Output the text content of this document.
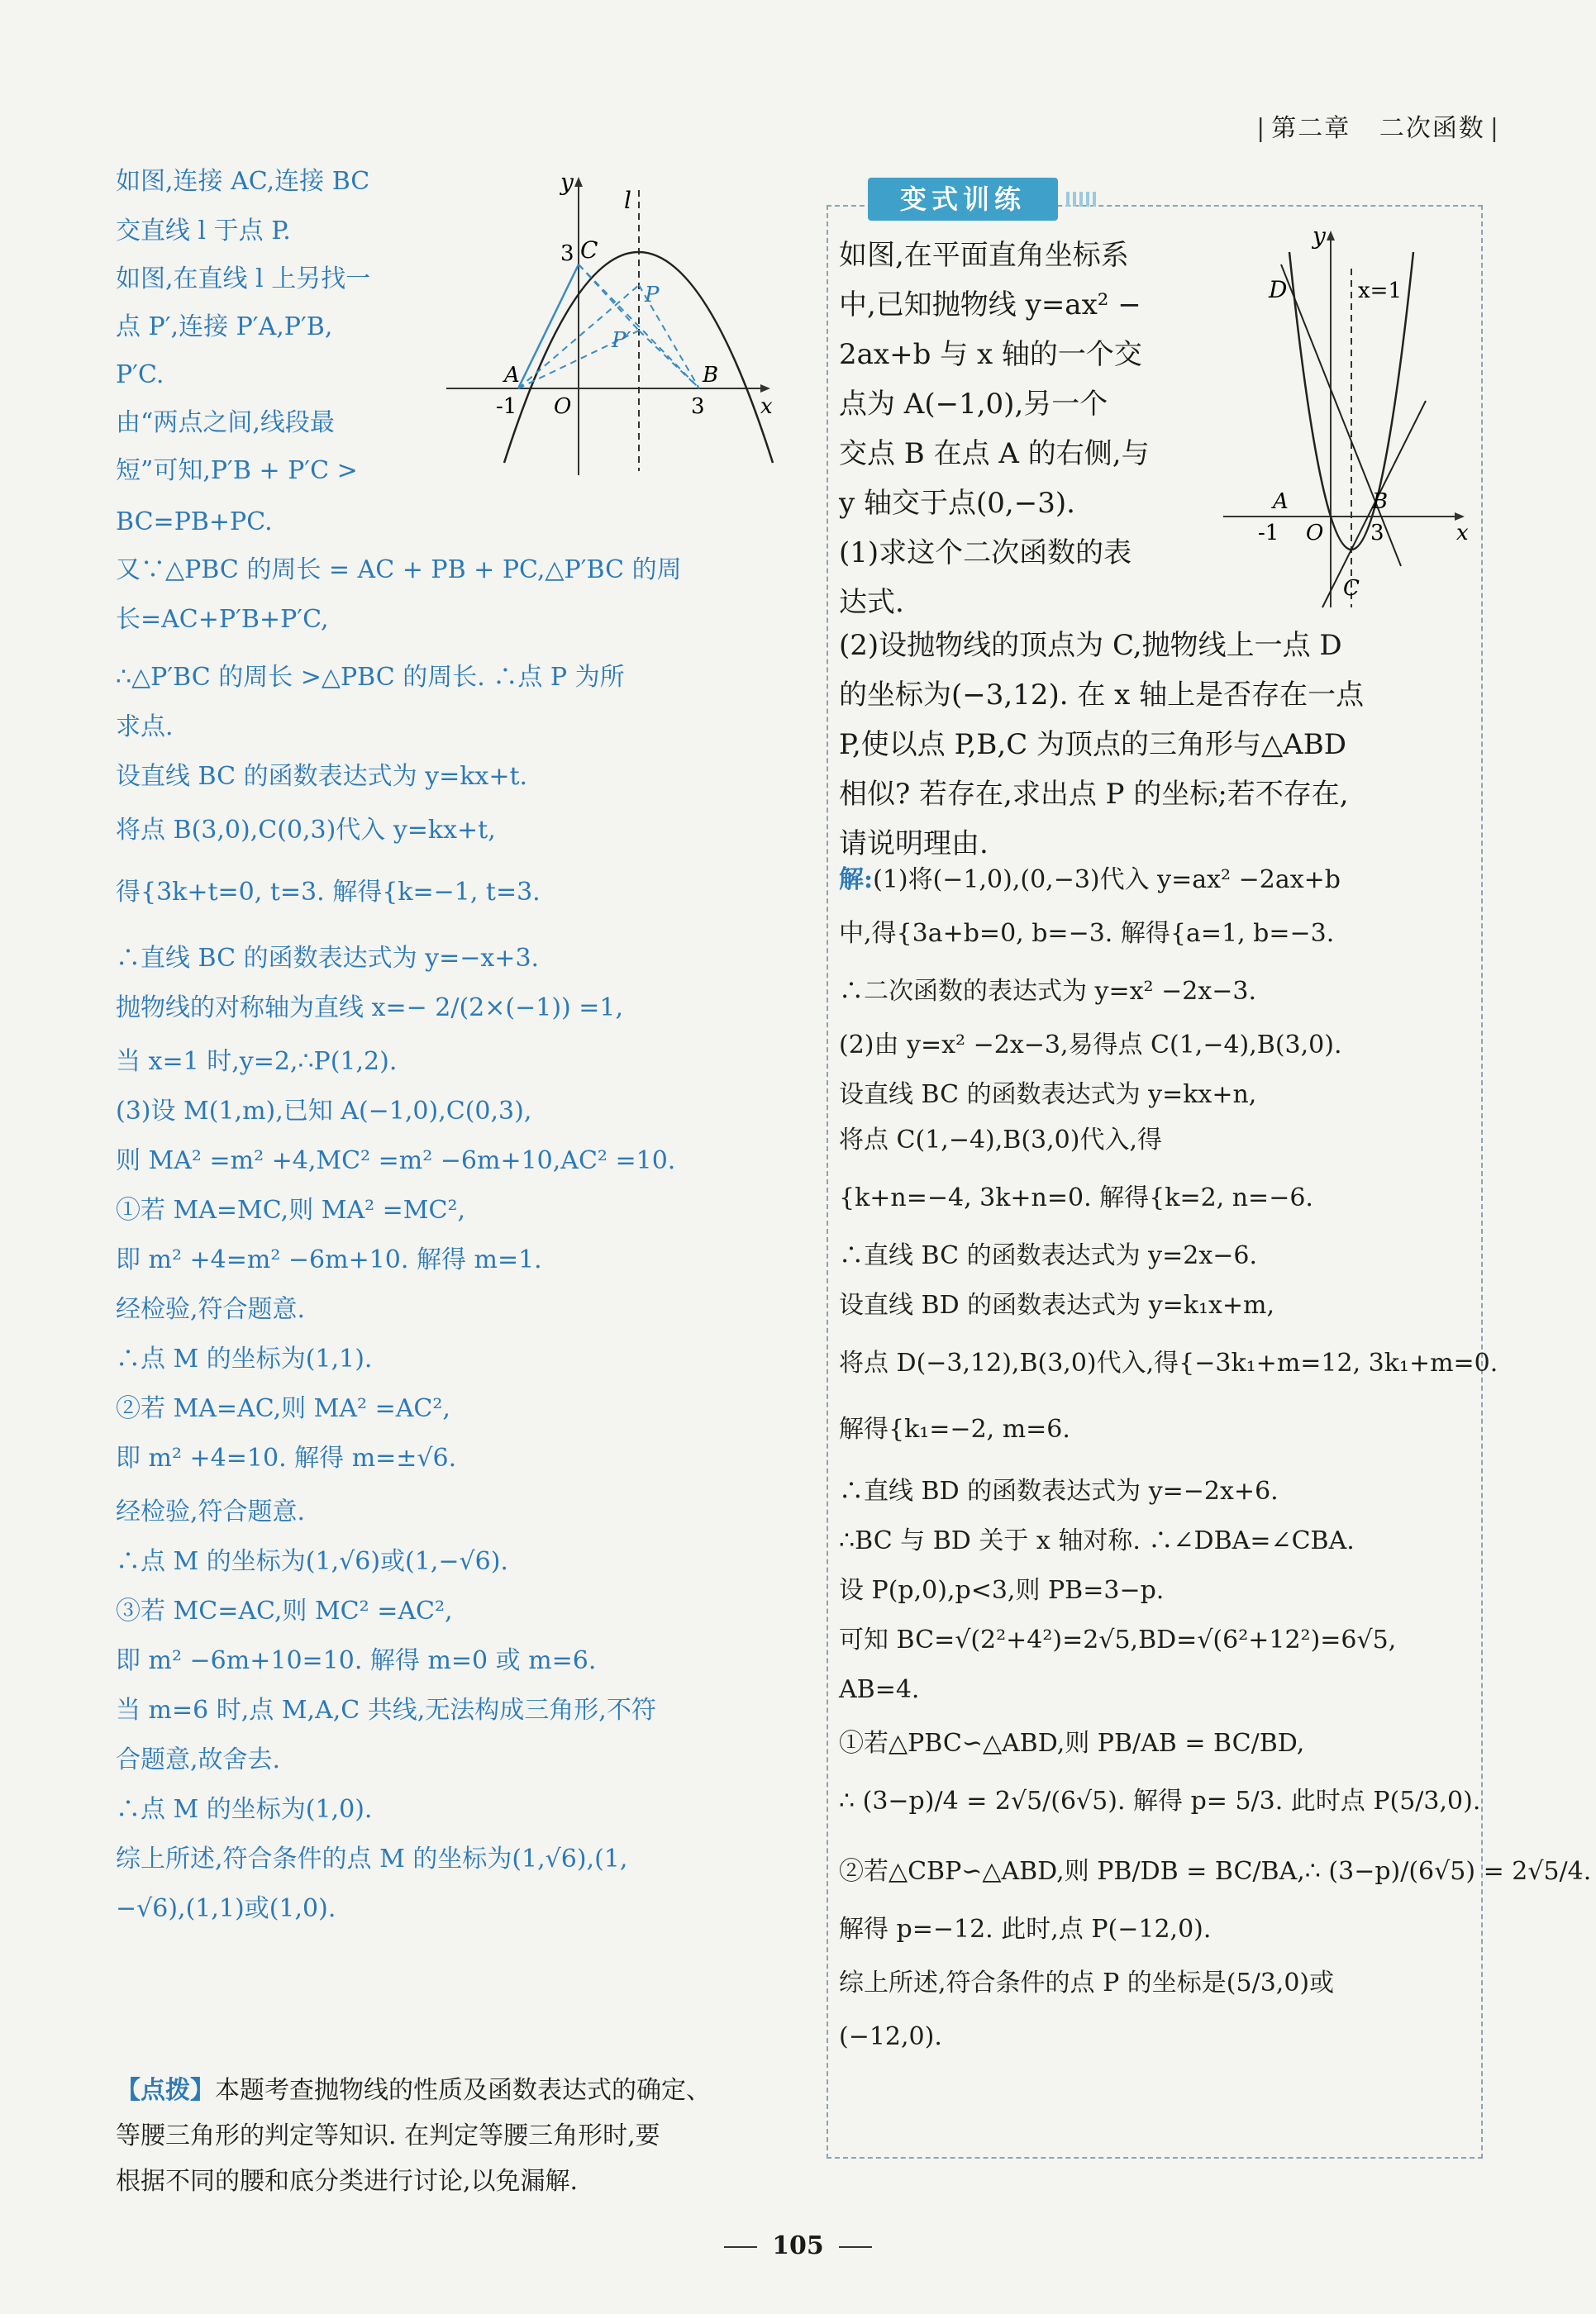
| 第二章 二次函数 |
y
x
l
3 C
P
P′
A
O
B
-1	3
如图,连接 AC,连接 BC
交直线 l 于点 P.
如图,在直线 l 上另找一
点 P′,连接 P′A,P′B,
P′C.
由“两点之间,线段最
短”可知,P′B + P′C >
BC=PB+PC.
又∵△PBC 的周长 = AC + PB + PC,△P′BC 的周
长=AC+P′B+P′C,
∴△P′BC 的周长 >△PBC 的周长. ∴点 P 为所
求点.
设直线 BC 的函数表达式为 y=kx+t.
将点 B(3,0),C(0,3)代入 y=kx+t,
得{3k+t=0, t=3. 解得{k=−1, t=3.
∴直线 BC 的函数表达式为 y=−x+3.
抛物线的对称轴为直线 x=− 2/(2×(−1)) =1,
当 x=1 时,y=2,∴P(1,2).
(3)设 M(1,m),已知 A(−1,0),C(0,3),
则 MA² =m² +4,MC² =m² −6m+10,AC² =10.
①若 MA=MC,则 MA² =MC²,
即 m² +4=m² −6m+10. 解得 m=1.
经检验,符合题意.
∴点 M 的坐标为(1,1).
②若 MA=AC,则 MA² =AC²,
即 m² +4=10. 解得 m=±√6.
经检验,符合题意.
∴点 M 的坐标为(1,√6)或(1,−√6).
③若 MC=AC,则 MC² =AC²,
即 m² −6m+10=10. 解得 m=0 或 m=6.
当 m=6 时,点 M,A,C 共线,无法构成三角形,不符
合题意,故舍去.
∴点 M 的坐标为(1,0).
综上所述,符合条件的点 M 的坐标为(1,√6),(1,
−√6),(1,1)或(1,0).
【点拨】本题考查抛物线的性质及函数表达式的确定、
等腰三角形的判定等知识. 在判定等腰三角形时,要
根据不同的腰和底分类进行讨论,以免漏解.
变式训练
y
D	x=1
A	B
-1 O 3	x
C
如图,在平面直角坐标系
中,已知抛物线 y=ax² −
2ax+b 与 x 轴的一个交
点为 A(−1,0),另一个
交点 B 在点 A 的右侧,与
y 轴交于点(0,−3).
(1)求这个二次函数的表
达式.
(2)设抛物线的顶点为 C,抛物线上一点 D
的坐标为(−3,12). 在 x 轴上是否存在一点
P,使以点 P,B,C 为顶点的三角形与△ABD
相似? 若存在,求出点 P 的坐标;若不存在,
请说明理由.
解:(1)将(−1,0),(0,−3)代入 y=ax² −2ax+b
中,得{3a+b=0, b=−3. 解得{a=1, b=−3.
∴二次函数的表达式为 y=x² −2x−3.
(2)由 y=x² −2x−3,易得点 C(1,−4),B(3,0).
设直线 BC 的函数表达式为 y=kx+n,
将点 C(1,−4),B(3,0)代入,得
{k+n=−4, 3k+n=0. 解得{k=2, n=−6.
∴直线 BC 的函数表达式为 y=2x−6.
设直线 BD 的函数表达式为 y=k₁x+m,
将点 D(−3,12),B(3,0)代入,得{−3k₁+m=12, 3k₁+m=0.
解得{k₁=−2, m=6.
∴直线 BD 的函数表达式为 y=−2x+6.
∴BC 与 BD 关于 x 轴对称. ∴∠DBA=∠CBA.
设 P(p,0),p<3,则 PB=3−p.
可知 BC=√(2²+4²)=2√5,BD=√(6²+12²)=6√5,
AB=4.
①若△PBC∽△ABD,则 PB/AB = BC/BD,
∴ (3−p)/4 = 2√5/(6√5). 解得 p= 5/3. 此时点 P(5/3,0).
②若△CBP∽△ABD,则 PB/DB = BC/BA,∴ (3−p)/(6√5) = 2√5/4.
解得 p=−12. 此时,点 P(−12,0).
综上所述,符合条件的点 P 的坐标是(5/3,0)或
(−12,0).
105
